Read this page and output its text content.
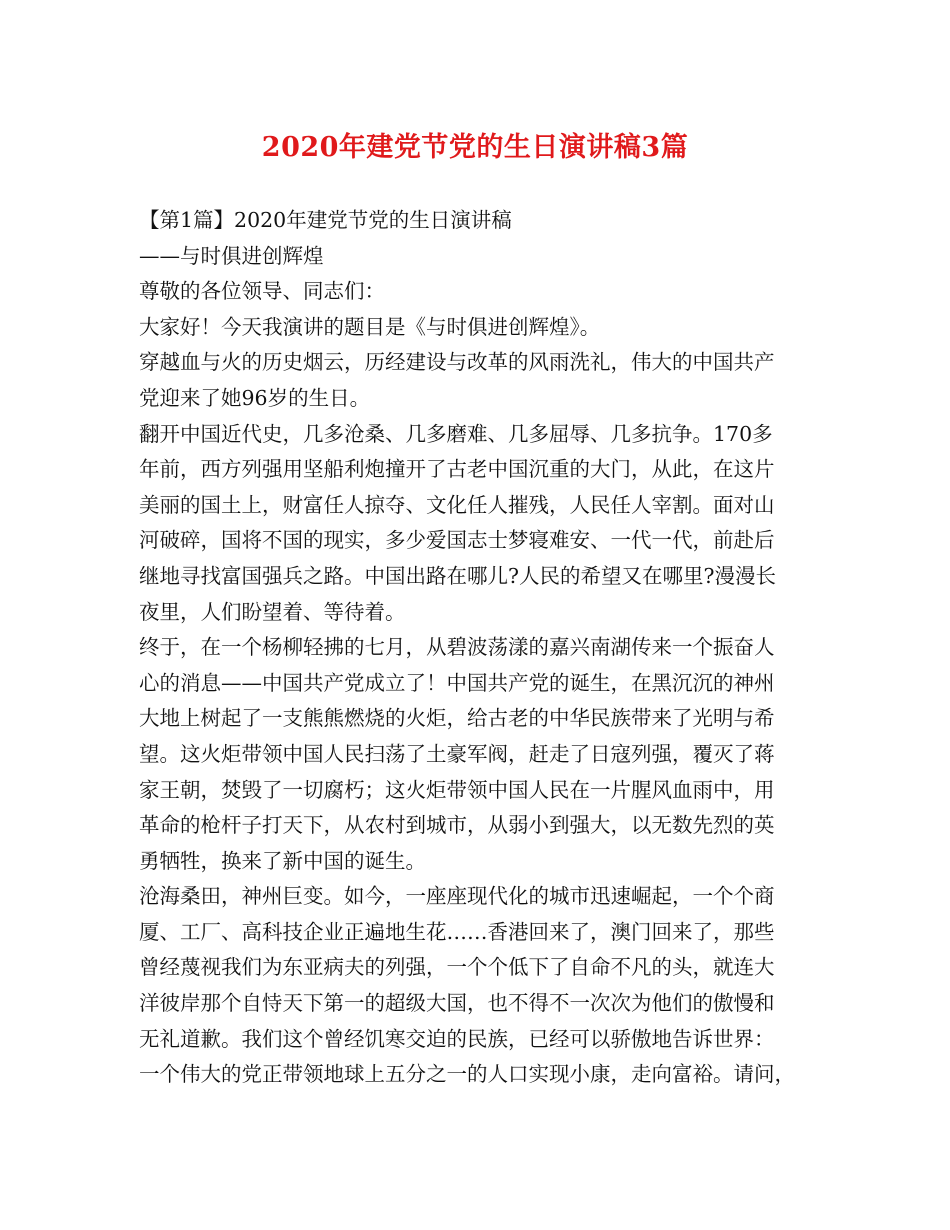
2020年建党节党的生日演讲稿3篇
【第1篇】2020年建党节党的生日演讲稿
——与时俱进创辉煌
尊敬的各位领导、同志们：
大家好！今天我演讲的题目是《与时俱进创辉煌》。
穿越血与火的历史烟云，历经建设与改革的风雨洗礼，伟大的中国共产
党迎来了她96岁的生日。
翻开中国近代史，几多沧桑、几多磨难、几多屈辱、几多抗争。170多
年前，西方列强用坚船利炮撞开了古老中国沉重的大门，从此，在这片
美丽的国土上，财富任人掠夺、文化任人摧残，人民任人宰割。面对山
河破碎，国将不国的现实，多少爱国志士梦寝难安、一代一代，前赴后
继地寻找富国强兵之路。中国出路在哪儿?人民的希望又在哪里?漫漫长
夜里，人们盼望着、等待着。
终于，在一个杨柳轻拂的七月，从碧波荡漾的嘉兴南湖传来一个振奋人
心的消息——中国共产党成立了！中国共产党的诞生，在黑沉沉的神州
大地上树起了一支熊熊燃烧的火炬，给古老的中华民族带来了光明与希
望。这火炬带领中国人民扫荡了土豪军阀，赶走了日寇列强，覆灭了蒋
家王朝，焚毁了一切腐朽；这火炬带领中国人民在一片腥风血雨中，用
革命的枪杆子打天下，从农村到城市，从弱小到强大，以无数先烈的英
勇牺牲，换来了新中国的诞生。
沧海桑田，神州巨变。如今，一座座现代化的城市迅速崛起，一个个商
厦、工厂、高科技企业正遍地生花……香港回来了，澳门回来了，那些
曾经蔑视我们为东亚病夫的列强，一个个低下了自命不凡的头，就连大
洋彼岸那个自恃天下第一的超级大国，也不得不一次次为他们的傲慢和
无礼道歉。我们这个曾经饥寒交迫的民族，已经可以骄傲地告诉世界：
一个伟大的党正带领地球上五分之一的人口实现小康，走向富裕。请问，
